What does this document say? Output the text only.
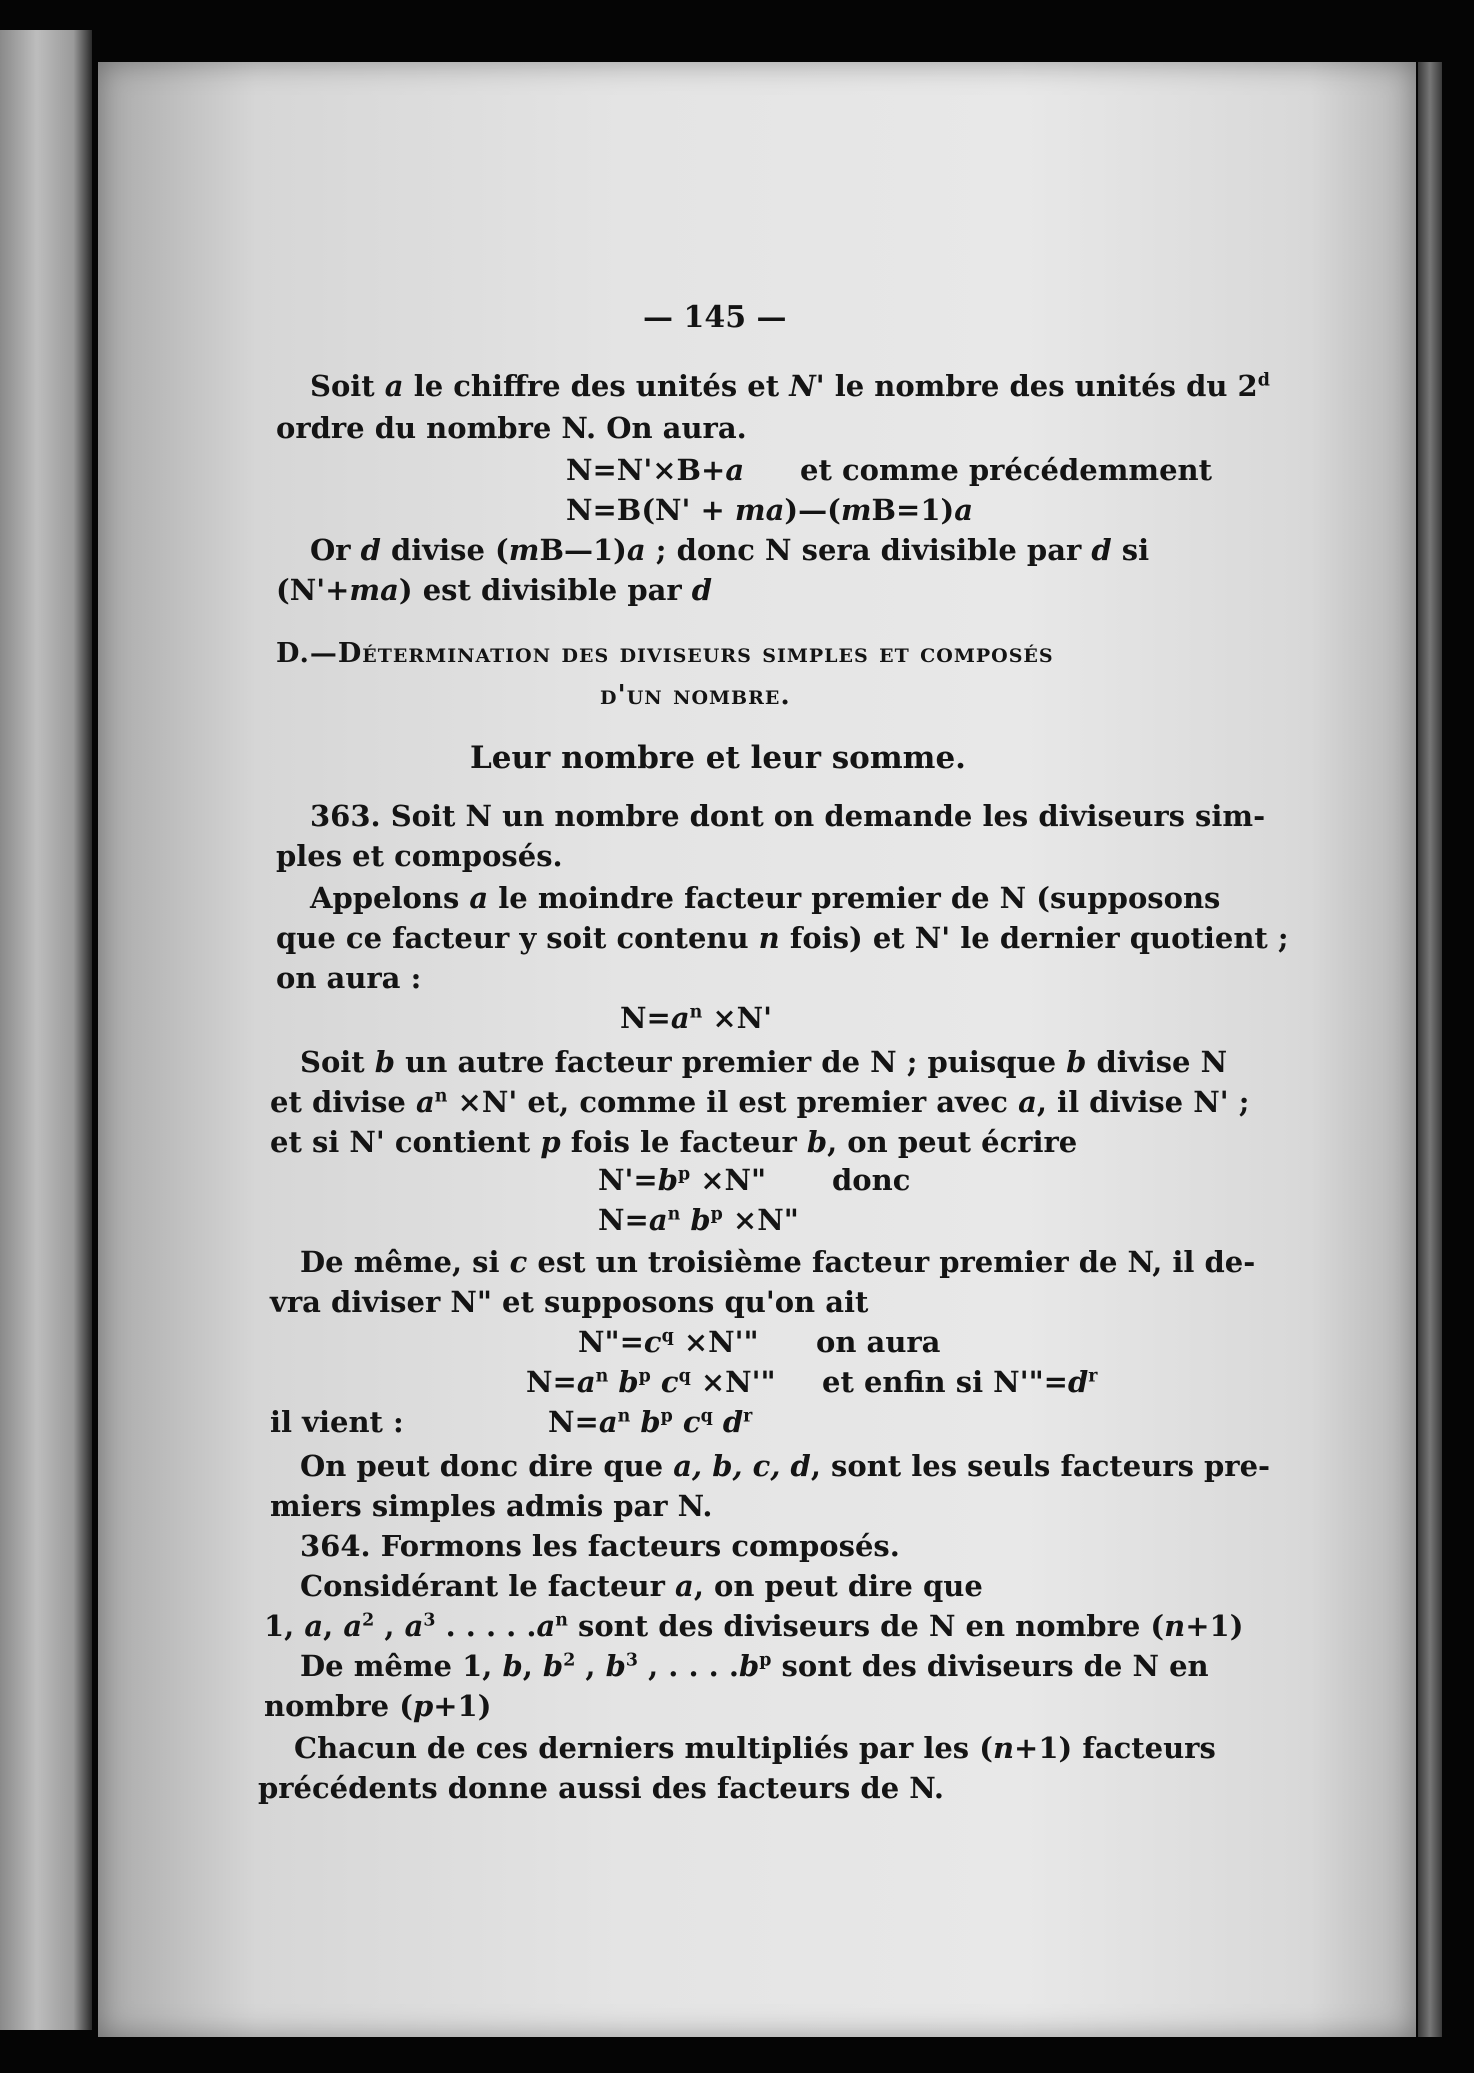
— 145 —

Soit a le chiffre des unités et N' le nombre des unités du 2$^d$

ordre du nombre N. On aura.

N=N'×B+a et comme précédemment

N=B(N' + ma)—(mB=1)a

Or d divise (mB—1)a ; donc N sera divisible par d si

(N'+ma) est divisible par d

D.—Détermination des diviseurs simples et composés

d'un nombre.

Leur nombre et leur somme.

363. Soit N un nombre dont on demande les diviseurs sim-

ples et composés.

Appelons a le moindre facteur premier de N (supposons

que ce facteur y soit contenu n fois) et N' le dernier quotient ;

on aura :

$N=a^n \times N'$

Soit b un autre facteur premier de N ; puisque b divise N

et divise $a^n \times N'$ et, comme il est premier avec a, il divise N' ;

et si N' contient p fois le facteur b, on peut écrire

$N'=b^p \times N$" donc

$N=a^n$ $b^p \times N$"

De même, si c est un troisième facteur premier de N, il de-

vra diviser N" et supposons qu'on ait

$N"=c^q \times N'$" on aura

$N=a^n$ $b^p$ $c^q \times N'$" et enfin si $N'"=d^r$

il vient :	$N=a^n$ $b^p$ $c^q$ $d^r$

On peut donc dire que a, b, c, d, sont les seuls facteurs pre-

miers simples admis par N.

364. Formons les facteurs composés.

Considérant le facteur a, on peut dire que

1, a, $a^2$ , $a^3$ . . . . $.a^n$ sont des diviseurs de N en nombre (n+1)

De même 1, b, $b^2$ , $b^3$ , . . . $.b^p$ sont des diviseurs de N en

nombre (p+1)

Chacun de ces derniers multipliés par les (n+1) facteurs

précédents donne aussi des facteurs de N.
